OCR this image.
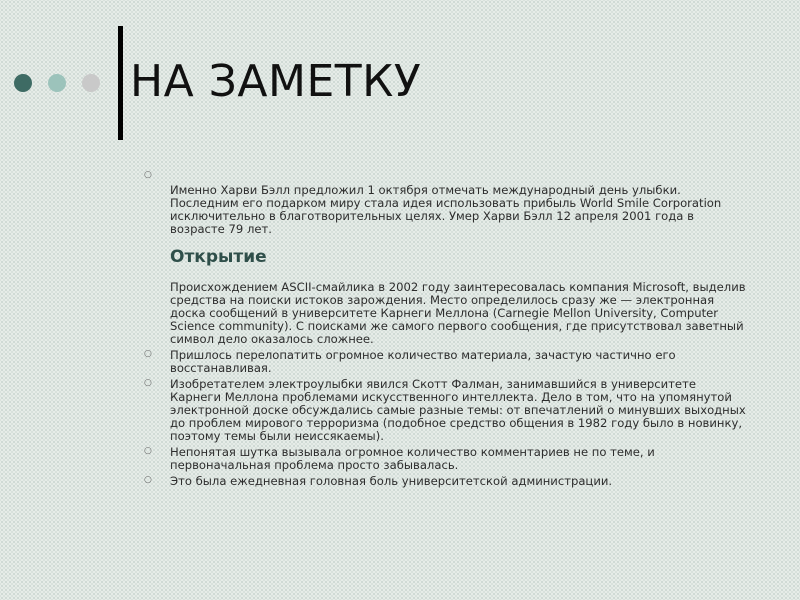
НА ЗАМЕТКУ
○

Именно Харви Бэлл предложил 1 октября отмечать международный день улыбки. Последним его подарком миру стала идея использовать прибыль World Smile Corporation исключительно в благотворительных целях. Умер Харви Бэлл 12 апреля 2001 года в возрасте 79 лет.

Открытие

Происхождением ASCII-смайлика в 2002 году заинтересовалась компания Microsoft, выделив средства на поиски истоков зарождения. Место определилось сразу же — электронная доска сообщений в университете Карнеги Меллона (Carnegie Mellon University, Computer Science community). С поисками же самого первого сообщения, где присутствовал заветный символ дело оказалось сложнее.

○ Пришлось перелопатить огромное количество материала, зачастую частично его восстанавливая.

○ Изобретателем электроулыбки явился Скотт Фалман, занимавшийся в университете Карнеги Меллона проблемами искусственного интеллекта. Дело в том, что на упомянутой электронной доске обсуждались самые разные темы: от впечатлений о минувших выходных до проблем мирового терроризма (подобное средство общения в 1982 году было в новинку, поэтому темы были неиссякаемы).

○ Непонятая шутка вызывала огромное количество комментариев не по теме, и первоначальная проблема просто забывалась.

○ Это была ежедневная головная боль университетской администрации.
